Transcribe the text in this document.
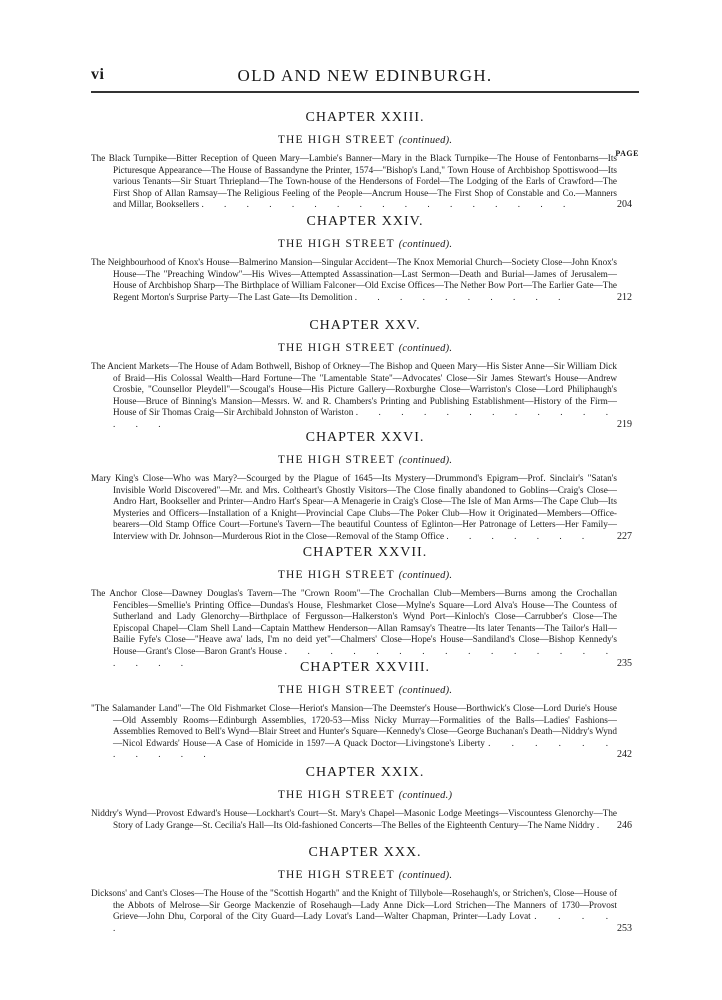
vi	OLD AND NEW EDINBURGH.
PAGE

CHAPTER XXIII.

THE HIGH STREET (continued).

The Black Turnpike—Bitter Reception of Queen Mary—Lambie's Banner—Mary in the Black Turnpike—The House of Fentonbarns—Its Picturesque Appearance—The House of Bassandyne the Printer, 1574—"Bishop's Land," Town House of Archbishop Spottiswood—Its various Tenants—Sir Stuart Thriepland—The Town-house of the Hendersons of Fordel—The Lodging of the Earls of Crawford—The First Shop of Allan Ramsay—The Religious Feeling of the People—Ancrum House—The First Shop of Constable and Co.—Manners and Millar, Booksellers . . . . . . . . . . . . . . . . .	204

CHAPTER XXIV.

THE HIGH STREET (continued).

The Neighbourhood of Knox's House—Balmerino Mansion—Singular Accident—The Knox Memorial Church—Society Close—John Knox's House—The "Preaching Window"—His Wives—Attempted Assassination—Last Sermon—Death and Burial—James of Jerusalem—House of Archbishop Sharp—The Birthplace of William Falconer—Old Excise Offices—The Nether Bow Port—The Earlier Gate—The Regent Morton's Surprise Party—The Last Gate—Its Demolition . . . . . . . . . .	212

CHAPTER XXV.

THE HIGH STREET (continued).

The Ancient Markets—The House of Adam Bothwell, Bishop of Orkney—The Bishop and Queen Mary—His Sister Anne—Sir William Dick of Braid—His Colossal Wealth—Hard Fortune—The "Lamentable State"—Advocates' Close—Sir James Stewart's House—Andrew Crosbie, "Counsellor Pleydell"—Scougal's House—His Picture Gallery—Roxburghe Close—Warriston's Close—Lord Philiphaugh's House—Bruce of Binning's Mansion—Messrs. W. and R. Chambers's Printing and Publishing Establishment—History of the Firm—House of Sir Thomas Craig—Sir Archibald Johnston of Wariston . . . . . . . . . . . . . . .	219

CHAPTER XXVI.

THE HIGH STREET (continued).

Mary King's Close—Who was Mary?—Scourged by the Plague of 1645—Its Mystery—Drummond's Epigram—Prof. Sinclair's "Satan's Invisible World Discovered"—Mr. and Mrs. Coltheart's Ghostly Visitors—The Close finally abandoned to Goblins—Craig's Close—Andro Hart, Bookseller and Printer—Andro Hart's Spear—A Menagerie in Craig's Close—The Isle of Man Arms—The Cape Club—Its Mysteries and Officers—Installation of a Knight—Provincial Cape Clubs—The Poker Club—How it Originated—Members—Office-bearers—Old Stamp Office Court—Fortune's Tavern—The beautiful Countess of Eglinton—Her Patronage of Letters—Her Family—Interview with Dr. Johnson—Murderous Riot in the Close—Removal of the Stamp Office . . . . . . . 227

CHAPTER XXVII.

THE HIGH STREET (continued).

The Anchor Close—Dawney Douglas's Tavern—The "Crown Room"—The Crochallan Club—Members—Burns among the Crochallan Fencibles—Smellie's Printing Office—Dundas's House, Fleshmarket Close—Mylne's Square—Lord Alva's House—The Countess of Sutherland and Lady Glenorchy—Birthplace of Fergusson—Halkerston's Wynd Port—Kinloch's Close—Carrubber's Close—The Episcopal Chapel—Clam Shell Land—Captain Matthew Henderson—Allan Ramsay's Theatre—Its later Tenants—The Tailor's Hall—Bailie Fyfe's Close—"Heave awa' lads, I'm no deid yet"—Chalmers' Close—Hope's House—Sandiland's Close—Bishop Kennedy's House—Grant's Close—Baron Grant's House . . . . . . . . . . . . . . . . . . .	235

CHAPTER XXVIII.

THE HIGH STREET (continued).

"The Salamander Land"—The Old Fishmarket Close—Heriot's Mansion—The Deemster's House—Borthwick's Close—Lord Durie's House—Old Assembly Rooms—Edinburgh Assemblies, 1720-53—Miss Nicky Murray—Formalities of the Balls—Ladies' Fashions—Assemblies Removed to Bell's Wynd—Blair Street and Hunter's Square—Kennedy's Close—George Buchanan's Death—Niddry's Wynd—Nicol Edwards' House—A Case of Homicide in 1597—A Quack Doctor—Livingstone's Liberty . . . . . . . . . . .	242

CHAPTER XXIX.

THE HIGH STREET (continued.)

Niddry's Wynd—Provost Edward's House—Lockhart's Court—St. Mary's Chapel—Masonic Lodge Meetings—Viscountess Glenorchy—The Story of Lady Grange—St. Cecilia's Hall—Its Old-fashioned Concerts—The Belles of the Eighteenth Century—The Name Niddry . 246

CHAPTER XXX.

THE HIGH STREET (continued).

Dicksons' and Cant's Closes—The House of the "Scottish Hogarth" and the Knight of Tillybole—Rosehaugh's, or Strichen's, Close—House of the Abbots of Melrose—Sir George Mackenzie of Rosehaugh—Lady Anne Dick—Lord Strichen—The Manners of 1730—Provost Grieve—John Dhu, Corporal of the City Guard—Lady Lovat's Land—Walter Chapman, Printer—Lady Lovat . . . . .	253
